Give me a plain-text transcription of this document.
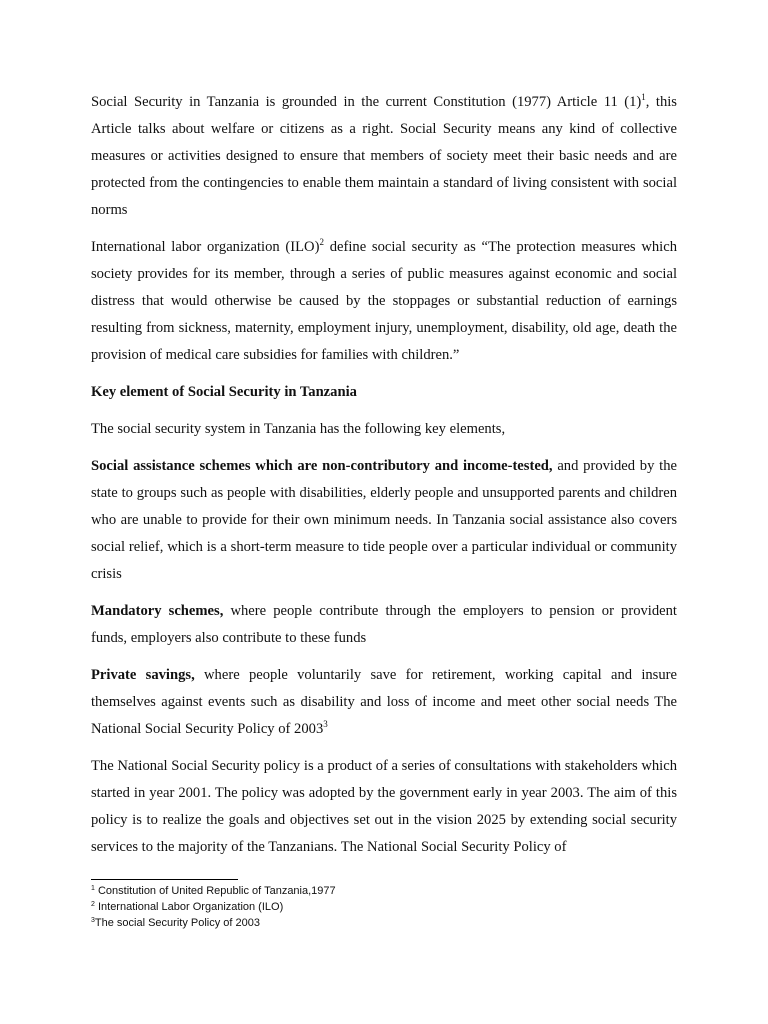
Social Security in Tanzania is grounded in the current Constitution (1977) Article 11 $(1)^1$, this Article talks about welfare or citizens as a right. Social Security means any kind of collective measures or activities designed to ensure that members of society meet their basic needs and are protected from the contingencies to enable them maintain a standard of living consistent with social norms

International labor organization (ILO)$^2$ define social security as “The protection measures which society provides for its member, through a series of public measures against economic and social distress that would otherwise be caused by the stoppages or substantial reduction of earnings resulting from sickness, maternity, employment injury, unemployment, disability, old age, death the provision of medical care subsidies for families with children.”

Key element of Social Security in Tanzania

The social security system in Tanzania has the following key elements,

Social assistance schemes which are non-contributory and income-tested, and provided by the state to groups such as people with disabilities, elderly people and unsupported parents and children who are unable to provide for their own minimum needs. In Tanzania social assistance also covers social relief, which is a short-term measure to tide people over a particular individual or community crisis

Mandatory schemes, where people contribute through the employers to pension or provident funds, employers also contribute to these funds

Private savings, where people voluntarily save for retirement, working capital and insure themselves against events such as disability and loss of income and meet other social needs The National Social Security Policy of 2003$^3$

The National Social Security policy is a product of a series of consultations with stakeholders which started in year 2001. The policy was adopted by the government early in year 2003. The aim of this policy is to realize the goals and objectives set out in the vision 2025 by extending social security services to the majority of the Tanzanians. The National Social Security Policy of

$^1$ Constitution of United Republic of Tanzania,1977
$^2$ International Labor Organization (ILO)
$^3$The social Security Policy of 2003
